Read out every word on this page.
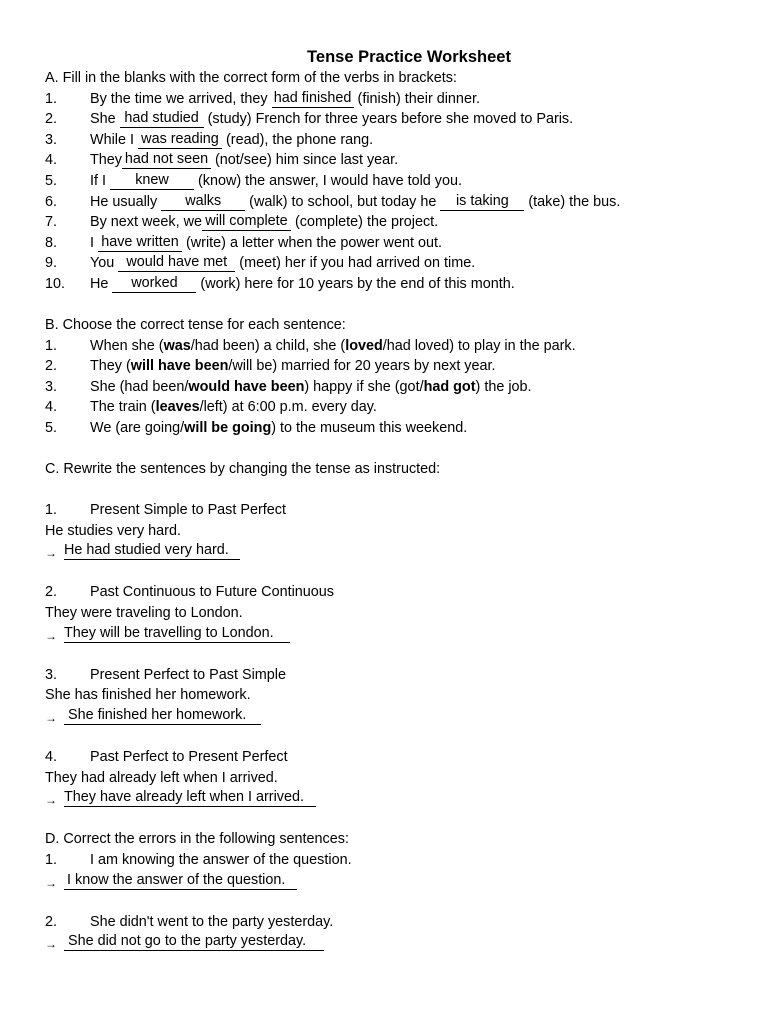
Tense Practice Worksheet
A. Fill in the blanks with the correct form of the verbs in brackets:
1. By the time we arrived, they had finished (finish) their dinner.
2. She had studied (study) French for three years before she moved to Paris.
3. While I was reading (read), the phone rang.
4. They had not seen (not/see) him since last year.
5. If I knew (know) the answer, I would have told you.
6. He usually walks (walk) to school, but today he is taking (take) the bus.
7. By next week, we will complete (complete) the project.
8. I have written (write) a letter when the power went out.
9. You would have met (meet) her if you had arrived on time.
10. He worked (work) here for 10 years by the end of this month.
B. Choose the correct tense for each sentence:
1. When she (was/had been) a child, she (loved/had loved) to play in the park.
2. They (will have been/will be) married for 20 years by next year.
3. She (had been/would have been) happy if she (got/had got) the job.
4. The train (leaves/left) at 6:00 p.m. every day.
5. We (are going/will be going) to the museum this weekend.
C. Rewrite the sentences by changing the tense as instructed:
1. Present Simple to Past Perfect
He studies very hard.
→ He had studied very hard.
2. Past Continuous to Future Continuous
They were traveling to London.
→ They will be travelling to London.
3. Present Perfect to Past Simple
She has finished her homework.
→ She finished her homework.
4. Past Perfect to Present Perfect
They had already left when I arrived.
→ They have already left when I arrived.
D. Correct the errors in the following sentences:
1. I am knowing the answer of the question.
→ I know the answer of the question.
2. She didn't went to the party yesterday.
→ She did not go to the party yesterday.
